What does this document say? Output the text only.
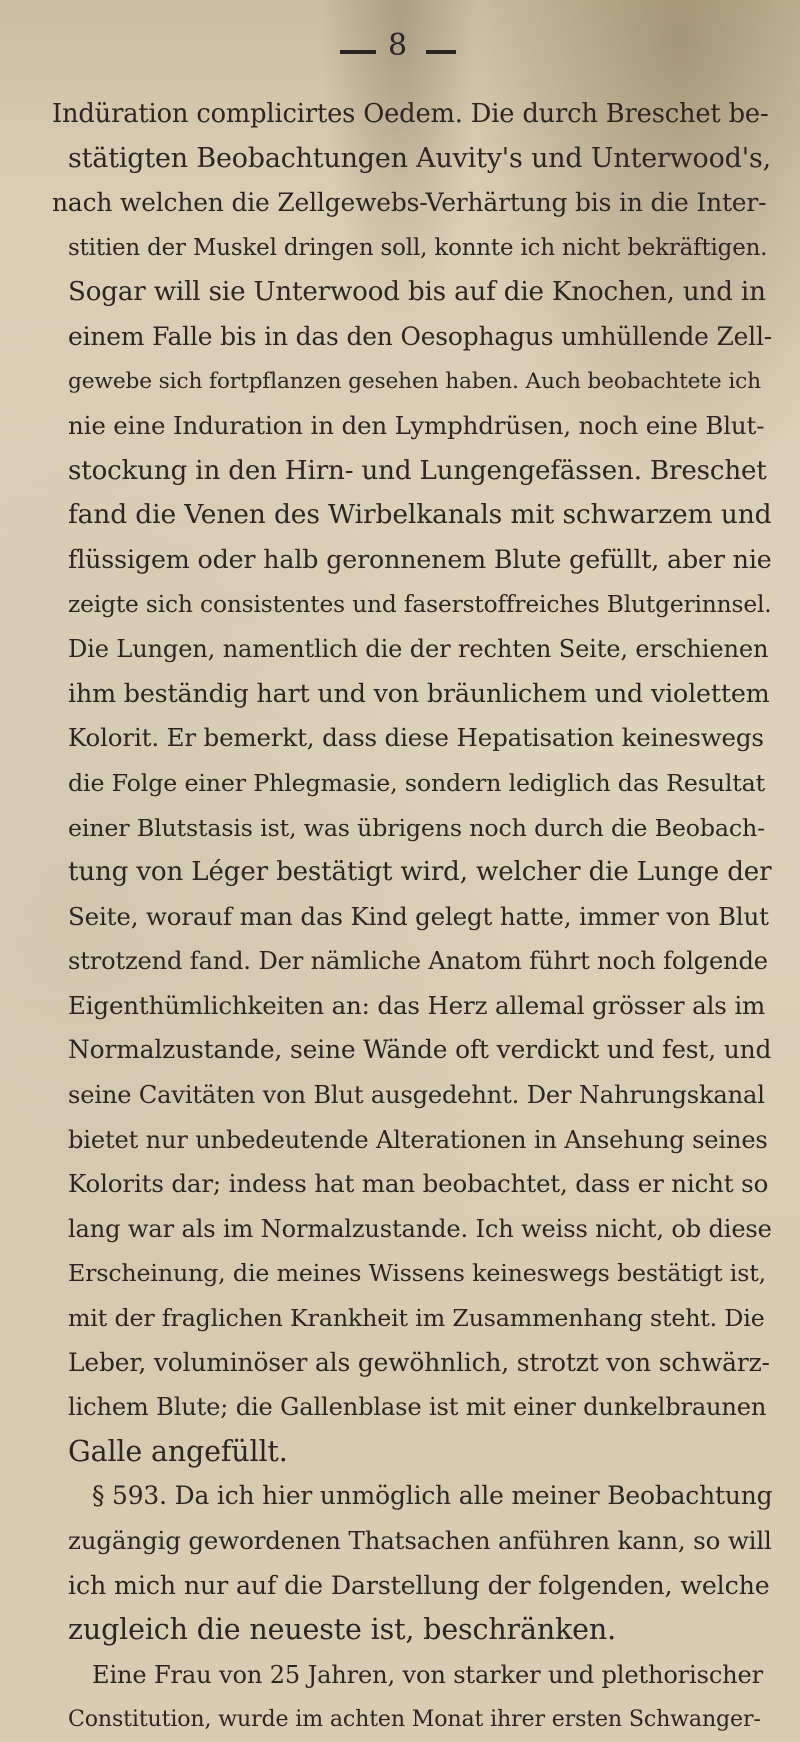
8

Indüration complicirtes Oedem. Die durch Breschet be-

stätigten Beobachtungen Auvity's und Unterwood's,

nach welchen die Zellgewebs-Verhärtung bis in die Inter-

stitien der Muskel dringen soll, konnte ich nicht bekräftigen.

Sogar will sie Unterwood bis auf die Knochen, und in

einem Falle bis in das den Oesophagus umhüllende Zell-

gewebe sich fortpflanzen gesehen haben. Auch beobachtete ich

nie eine Induration in den Lymphdrüsen, noch eine Blut-

stockung in den Hirn- und Lungengefässen. Breschet

fand die Venen des Wirbelkanals mit schwarzem und

flüssigem oder halb geronnenem Blute gefüllt, aber nie

zeigte sich consistentes und faserstoffreiches Blutgerinnsel.

Die Lungen, namentlich die der rechten Seite, erschienen

ihm beständig hart und von bräunlichem und violettem

Kolorit. Er bemerkt, dass diese Hepatisation keineswegs

die Folge einer Phlegmasie, sondern lediglich das Resultat

einer Blutstasis ist, was übrigens noch durch die Beobach-

tung von Léger bestätigt wird, welcher die Lunge der

Seite, worauf man das Kind gelegt hatte, immer von Blut

strotzend fand. Der nämliche Anatom führt noch folgende

Eigenthümlichkeiten an: das Herz allemal grösser als im

Normalzustande, seine Wände oft verdickt und fest, und

seine Cavitäten von Blut ausgedehnt. Der Nahrungskanal

bietet nur unbedeutende Alterationen in Ansehung seines

Kolorits dar; indess hat man beobachtet, dass er nicht so

lang war als im Normalzustande. Ich weiss nicht, ob diese

Erscheinung, die meines Wissens keineswegs bestätigt ist,

mit der fraglichen Krankheit im Zusammenhang steht. Die

Leber, voluminöser als gewöhnlich, strotzt von schwärz-

lichem Blute; die Gallenblase ist mit einer dunkelbraunen

Galle angefüllt.

§ 593. Da ich hier unmöglich alle meiner Beobachtung

zugängig gewordenen Thatsachen anführen kann, so will

ich mich nur auf die Darstellung der folgenden, welche

zugleich die neueste ist, beschränken.

Eine Frau von 25 Jahren, von starker und plethorischer

Constitution, wurde im achten Monat ihrer ersten Schwanger-
